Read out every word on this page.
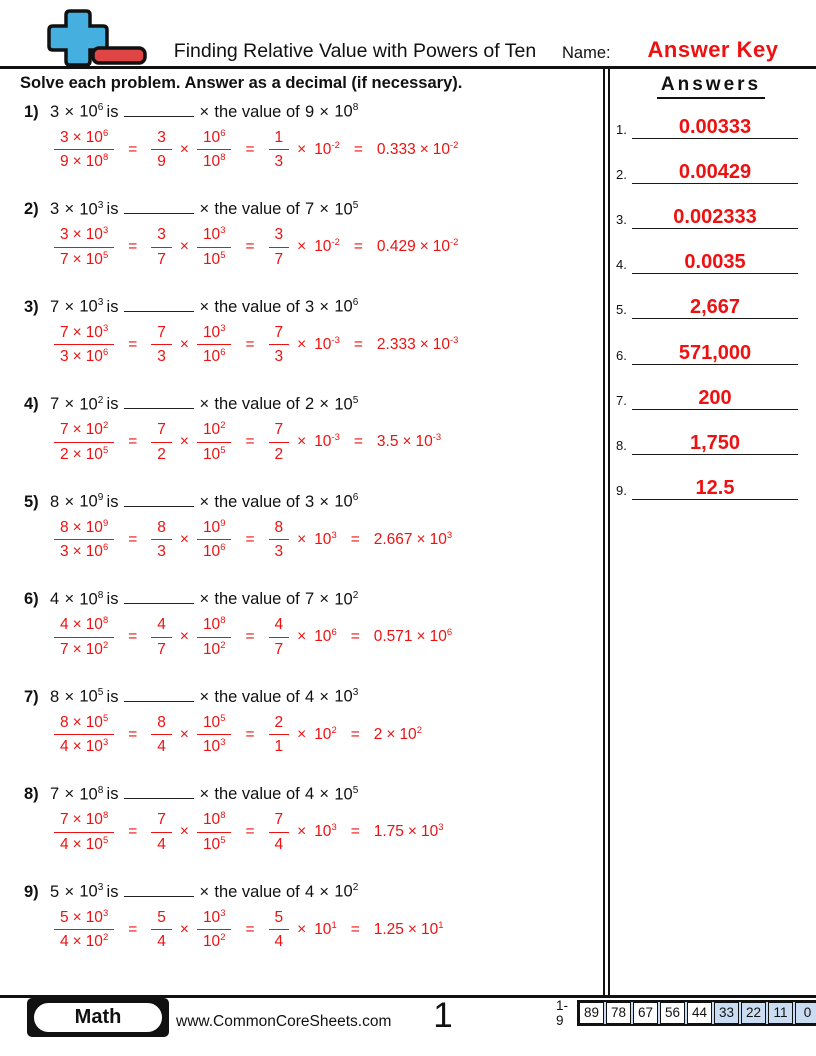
Finding Relative Value with Powers of Ten	Name:	Answer Key
Solve each problem. Answer as a decimal (if necessary).	Answers
1.	0.00333
2.	0.00429
3. 0.002333
4.	0.0035
5.	2,667
6.	571,000
7.	200
8.	1,750
9.	12.5
1) $3 \times 10^6$ is	× the value of $9 \times 10^8$
$\frac{3 \times 10^6}{9 \times 10^8} = \frac{3}{9} \times \frac{10^6}{10^8} = \frac{1}{3} \times 10^{-2} = 0.333 \times 10^{-2}$
2) $3 \times 10^3$ is	× the value of $7 \times 10^5$
$\frac{3 \times 10^3}{7 \times 10^5} = \frac{3}{7} \times \frac{10^3}{10^5} = \frac{3}{7} \times 10^{-2} = 0.429 \times 10^{-2}$
3) $7 \times 10^3$ is	× the value of $3 \times 10^6$
$\frac{7 \times 10^3}{3 \times 10^6} = \frac{7}{3} \times \frac{10^3}{10^6} = \frac{7}{3} \times 10^{-3} = 2.333 \times 10^{-3}$
4) $7 \times 10^2$ is	× the value of $2 \times 10^5$
$\frac{7 \times 10^2}{2 \times 10^5} = \frac{7}{2} \times \frac{10^2}{10^5} = \frac{7}{2} \times 10^{-3} = 3.5 \times 10^{-3}$
5) $8 \times 10^9$ is	× the value of $3 \times 10^6$
$\frac{8 \times 10^9}{3 \times 10^6} = \frac{8}{3} \times \frac{10^9}{10^6} = \frac{8}{3} \times 10^3 = 2.667 \times 10^3$
6) $4 \times 10^8$ is	× the value of $7 \times 10^2$
$\frac{4 \times 10^8}{7 \times 10^2} = \frac{4}{7} \times \frac{10^8}{10^2} = \frac{4}{7} \times 10^6 = 0.571 \times 10^6$
7) $8 \times 10^5$ is	× the value of $4 \times 10^3$
$\frac{8 \times 10^5}{4 \times 10^3} = \frac{8}{4} \times \frac{10^5}{10^3} = \frac{2}{1} \times 10^2 = 2 \times 10^2$
8) $7 \times 10^8$ is	× the value of $4 \times 10^5$
$\frac{7 \times 10^8}{4 \times 10^5} = \frac{7}{4} \times \frac{10^8}{10^5} = \frac{7}{4} \times 10^3 = 1.75 \times 10^3$
9) $5 \times 10^3$ is	× the value of $4 \times 10^2$
$\frac{5 \times 10^3}{4 \times 10^2} = \frac{5}{4} \times \frac{10^3}{10^2} = \frac{5}{4} \times 10^1 = 1.25 \times 10^1$
Math	www.CommonCoreSheets.com	1	1-9
89 78 67 56 44 33 22 11	0
